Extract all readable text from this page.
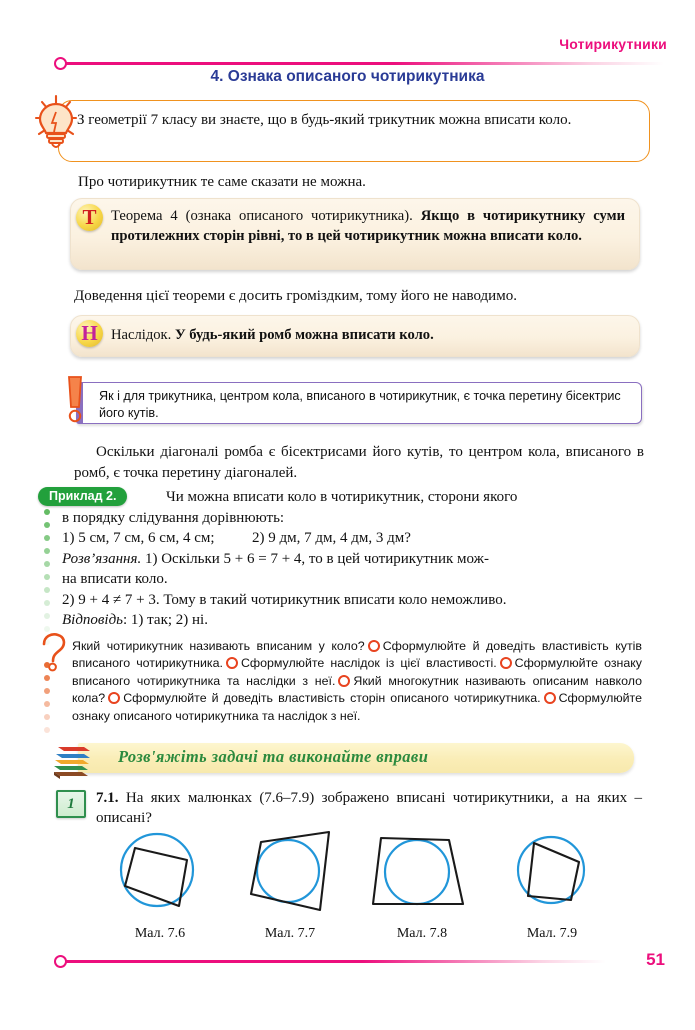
Чотирикутники
4. Ознака описаного чотирикутника
З геометрії 7 класу ви знаєте, що в будь-який трикутник можна вписати коло.
Про чотирикутник те саме сказати не можна.
Теорема 4 (ознака описаного чотирикутника). Якщо в чотирикутнику суми протилежних сторін рівні, то в цей чотирикутник можна вписати коло.
Т
Доведення цієї теореми є досить громіздким, тому його не наводимо.
Наслідок. У будь-який ромб можна вписати коло.
Н
Як і для трикутника, центром кола, вписаного в чотирикутник, є точка перетину бісектрис його кутів.
Оскільки діагоналі ромба є бісектрисами його кутів, то центром кола, вписаного в ромб, є точка перетину діагоналей.
Приклад 2.	Чи можна вписати коло в чотирикутник, сторони якого
в порядку слідування дорівнюють:
1) 5 см, 7 см, 6 см, 4 см;          2) 9 дм, 7 дм, 4 дм, 3 дм?
Розв’язання. 1) Оскільки 5 + 6 = 7 + 4, то в цей чотирикутник мож-
на вписати коло.
2) 9 + 4 ≠ 7 + 3. Тому в такий чотирикутник вписати коло неможливо.
Відповідь: 1) так; 2) ні.
Який чотирикутник називають вписаним у коло? Сформулюйте й доведіть властивість кутів вписаного чотирикутника. Сформулюйте наслідок із цієї властивості. Сформулюйте ознаку вписаного чотирикутника та наслідки з неї. Який многокутник називають описаним навколо кола? Сформулюйте й доведіть властивість сторін описаного чотирикутника. Сформулюйте ознаку описаного чотирикутника та наслідок з неї.
Розв'яжіть задачі та виконайте вправи
1	7.1. На яких малюнках (7.6–7.9) зображено вписані чотирикутники, а на яких – описані?
Мал. 7.6	Мал. 7.7	Мал. 7.8	Мал. 7.9
51
